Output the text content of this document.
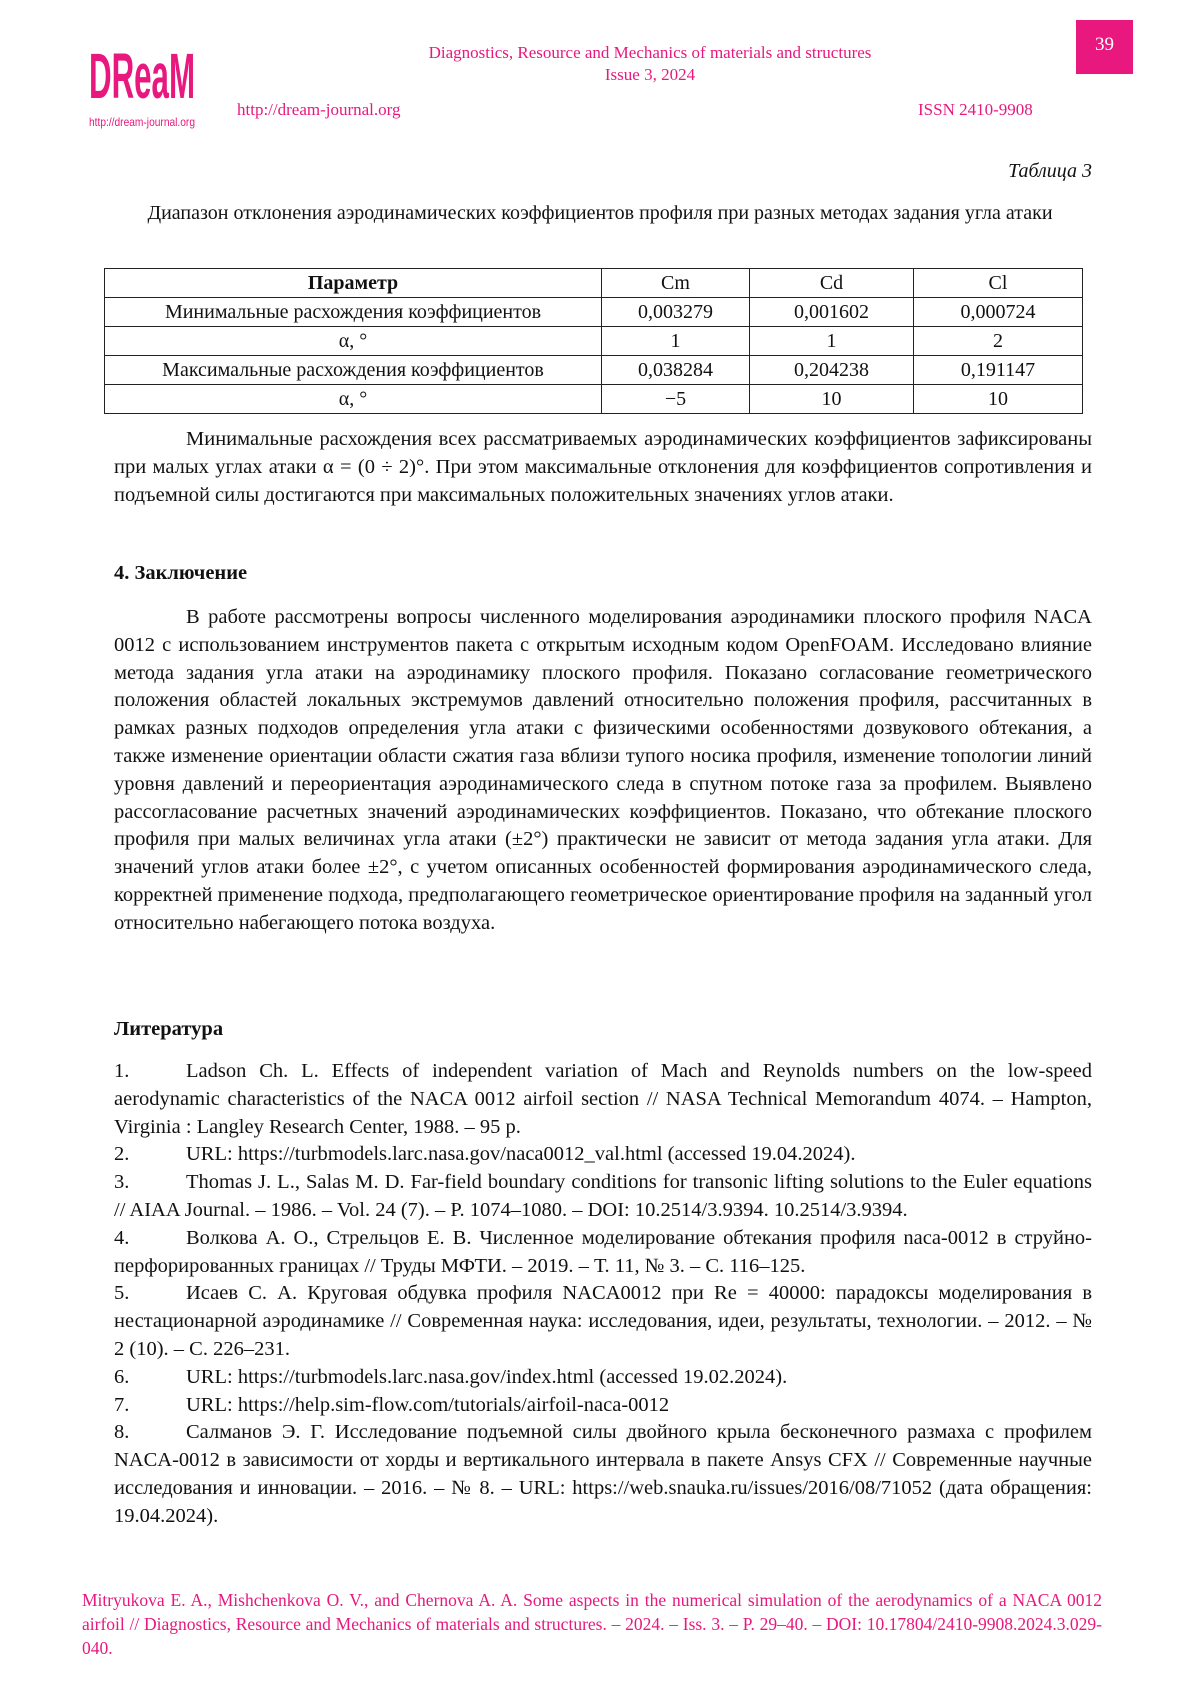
DReaM
http://dream-journal.org
Diagnostics, Resource and Mechanics of materials and structures
Issue 3, 2024
http://dream-journal.org	ISSN 2410-9908
39
Таблица 3
Диапазон отклонения аэродинамических коэффициентов профиля при разных методах задания угла атаки
Параметр	Cm	Cd	Cl
Минимальные расхождения коэффициентов	0,003279	0,001602	0,000724
α, °	1	1	2
Максимальные расхождения коэффициентов	0,038284	0,204238	0,191147
α, °	−5	10	10

Минимальные расхождения всех рассматриваемых аэродинамических коэффициентов зафиксированы при малых углах атаки α = (0 ÷ 2)°. При этом максимальные отклонения для коэффициентов сопротивления и подъемной силы достигаются при максимальных положительных значениях углов атаки.

4. Заключение

В работе рассмотрены вопросы численного моделирования аэродинамики плоского профиля NACA 0012 с использованием инструментов пакета с открытым исходным кодом OpenFOAM. Исследовано влияние метода задания угла атаки на аэродинамику плоского профиля. Показано согласование геометрического положения областей локальных экстремумов давлений относительно положения профиля, рассчитанных в рамках разных подходов определения угла атаки с физическими особенностями дозвукового обтекания, а также изменение ориентации области сжатия газа вблизи тупого носика профиля, изменение топологии линий уровня давлений и переориентация аэродинамического следа в спутном потоке газа за профилем. Выявлено рассогласование расчетных значений аэродинамических коэффициентов. Показано, что обтекание плоского профиля при малых величинах угла атаки (±2°) практически не зависит от метода задания угла атаки. Для значений углов атаки более ±2°, с учетом описанных особенностей формирования аэродинамического следа, корректней применение подхода, предполагающего геометрическое ориентирование профиля на заданный угол относительно набегающего потока воздуха.

Литература
1.	Ladson Ch. L. Effects of independent variation of Mach and Reynolds numbers on the low-speed aerodynamic characteristics of the NACA 0012 airfoil section // NASA Technical Memorandum 4074. – Hampton, Virginia : Langley Research Center, 1988. – 95 p.
2.	URL: https://turbmodels.larc.nasa.gov/naca0012_val.html (accessed 19.04.2024).
3.	Thomas J. L., Salas M. D. Far-field boundary conditions for transonic lifting solutions to the Euler equations // AIAA Journal. – 1986. – Vol. 24 (7). – P. 1074–1080. – DOI: 10.2514/3.9394. 10.2514/3.9394.
4.	Волкова А. О., Стрельцов Е. В. Численное моделирование обтекания профиля naca-0012 в струйно-перфорированных границах // Труды МФТИ. – 2019. – Т. 11, № 3. – С. 116–125.
5.	Исаев С. А. Круговая обдувка профиля NACA0012 при Re = 40000: парадоксы моделирования в нестационарной аэродинамике // Современная наука: исследования, идеи, результаты, технологии. – 2012. – № 2 (10). – С. 226–231.
6.	URL: https://turbmodels.larc.nasa.gov/index.html (accessed 19.02.2024).
7.	URL: https://help.sim-flow.com/tutorials/airfoil-naca-0012
8.	Салманов Э. Г. Исследование подъемной силы двойного крыла бесконечного размаха с профилем NACA-0012 в зависимости от хорды и вертикального интервала в пакете Ansys CFX // Современные научные исследования и инновации. – 2016. – № 8. – URL: https://web.snauka.ru/issues/2016/08/71052 (дата обращения: 19.04.2024).
Mitryukova E. A., Mishchenkova O. V., and Chernova A. A. Some aspects in the numerical simulation of the aerodynamics of a NACA 0012 airfoil // Diagnostics, Resource and Mechanics of materials and structures. – 2024. – Iss. 3. – P. 29–40. – DOI: 10.17804/2410-9908.2024.3.029-040.
